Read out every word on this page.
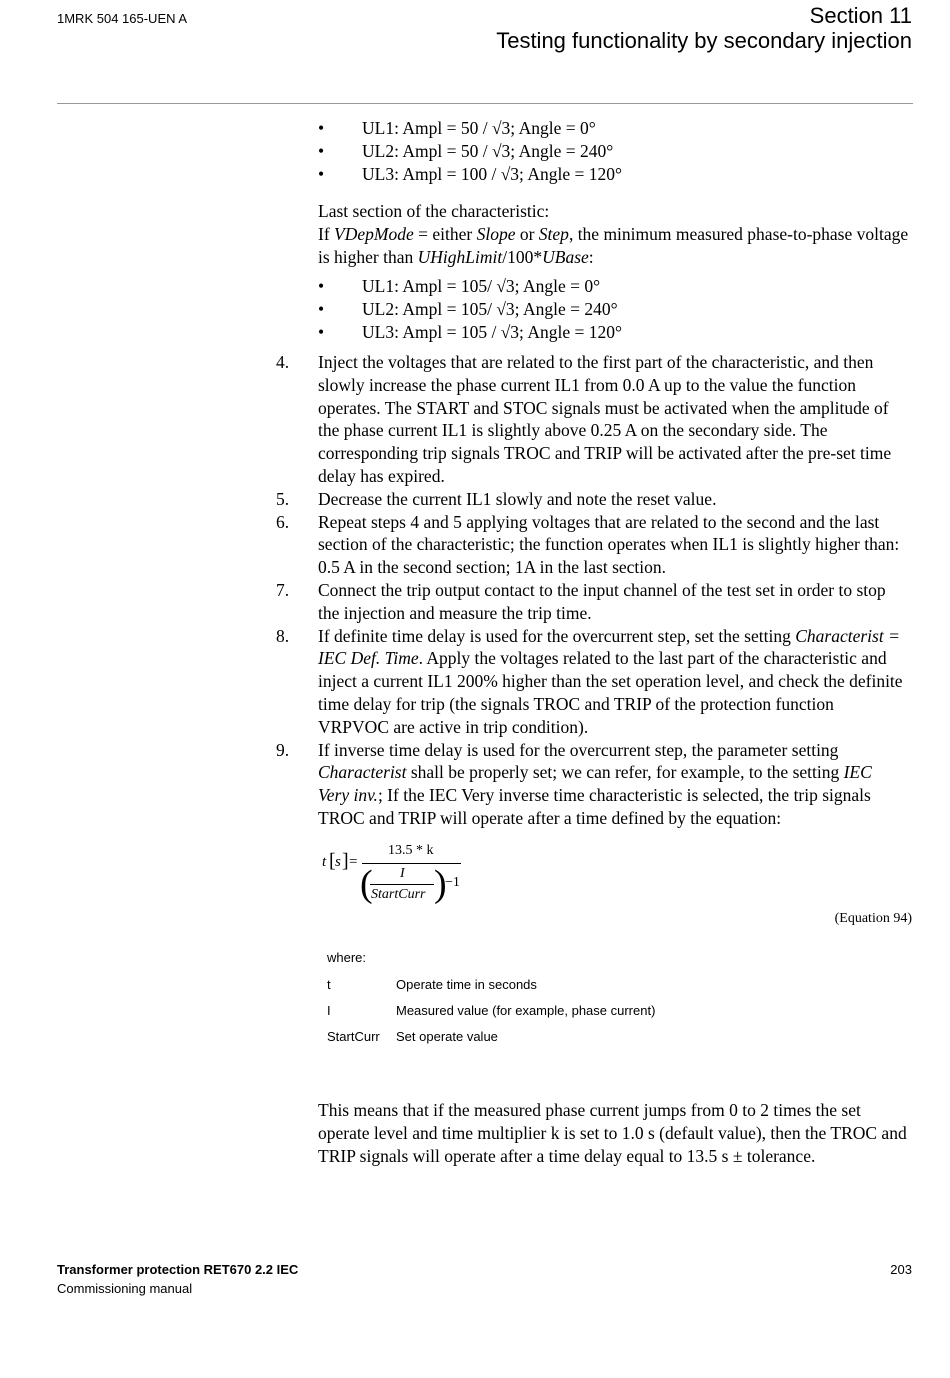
1MRK 504 165-UEN A	Section 11
Testing functionality by secondary injection
• UL1: Ampl = 50 / √3; Angle = 0°
• UL2: Ampl = 50 / √3; Angle = 240°
• UL3: Ampl = 100 / √3; Angle = 120°
Last section of the characteristic:
If VDepMode = either Slope or Step, the minimum measured phase-to-phase voltage is higher than UHighLimit/100*UBase:
• UL1: Ampl = 105/ √3; Angle = 0°
• UL2: Ampl = 105/ √3; Angle = 240°
• UL3: Ampl = 105 / √3; Angle = 120°
4. Inject the voltages that are related to the first part of the characteristic, and then slowly increase the phase current IL1 from 0.0 A up to the value the function operates. The START and STOC signals must be activated when the amplitude of the phase current IL1 is slightly above 0.25 A on the secondary side. The corresponding trip signals TROC and TRIP will be activated after the pre-set time delay has expired.
5. Decrease the current IL1 slowly and note the reset value.
6. Repeat steps 4 and 5 applying voltages that are related to the second and the last section of the characteristic; the function operates when IL1 is slightly higher than: 0.5 A in the second section; 1A in the last section.
7. Connect the trip output contact to the input channel of the test set in order to stop the injection and measure the trip time.
8. If definite time delay is used for the overcurrent step, set the setting Characterist = IEC Def. Time. Apply the voltages related to the last part of the characteristic and inject a current IL1 200% higher than the set operation level, and check the definite time delay for trip (the signals TROC and TRIP of the protection function VRPVOC are active in trip condition).
9. If inverse time delay is used for the overcurrent step, the parameter setting Characterist shall be properly set; we can refer, for example, to the setting IEC Very inv.; If the IEC Very inverse time characteristic is selected, the trip signals TROC and TRIP will operate after a time defined by the equation:
t [ s ] =
13.5 * k
( I
StartCurr )
−1
(Equation 94)
where:
t	Operate time in seconds
I	Measured value (for example, phase current)
StartCurr Set operate value
This means that if the measured phase current jumps from 0 to 2 times the set operate level and time multiplier k is set to 1.0 s (default value), then the TROC and TRIP signals will operate after a time delay equal to 13.5 s ± tolerance.
Transformer protection RET670 2.2 IEC
Commissioning manual
203
